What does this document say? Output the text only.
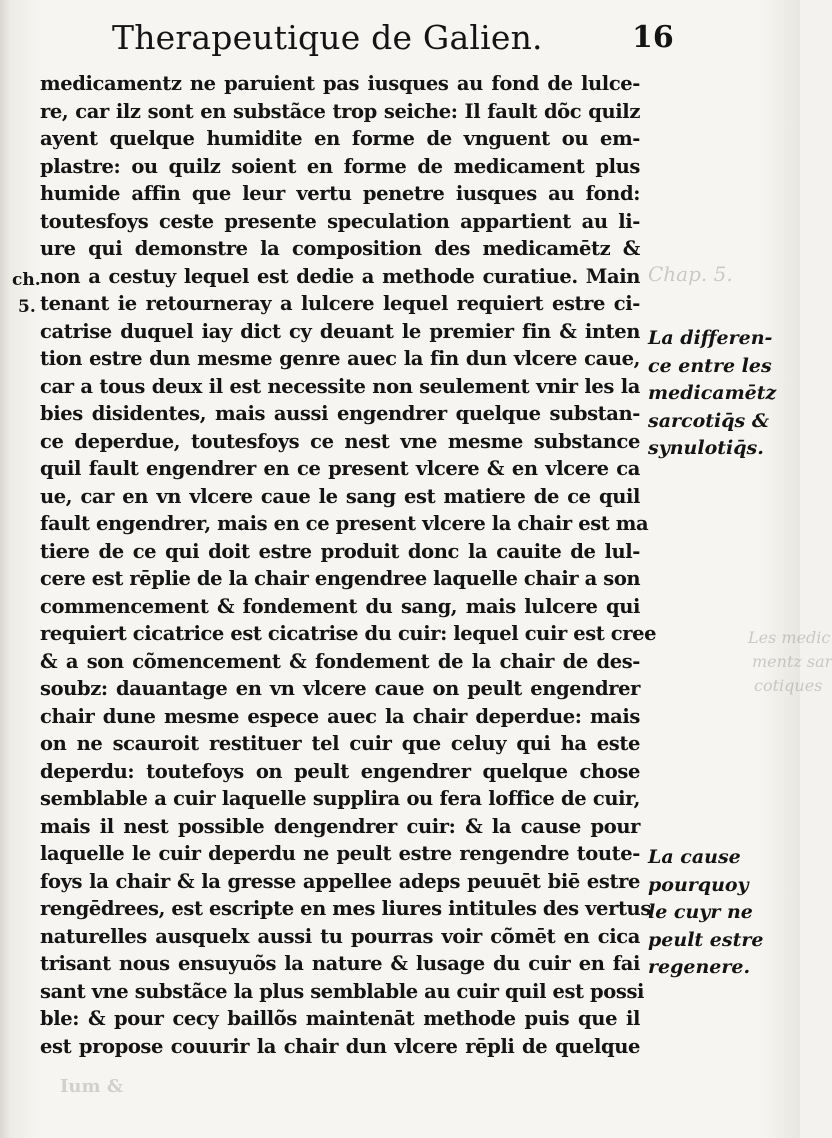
Therapeutique de Galien.	16
ch.
5.
medicamentz ne paruient pas iusques au fond de lulce-
re, car ilz sont en substãce trop seiche: Il fault dõc quilz
ayent quelque humidite en forme de vnguent ou em-
plastre: ou quilz soient en forme de medicament plus
humide affin que leur vertu penetre iusques au fond:
toutesfoys ceste presente speculation appartient au li-
ure qui demonstre la composition des medicamētz &
non a cestuy lequel est dedie a methode curatiue. Main
tenant ie retourneray a lulcere lequel requiert estre ci-
catrise duquel iay dict cy deuant le premier fin & inten
tion estre dun mesme genre auec la fin dun vlcere caue,
car a tous deux il est necessite non seulement vnir les la
bies disidentes, mais aussi engendrer quelque substan-
ce deperdue, toutesfoys ce nest vne mesme substance
quil fault engendrer en ce present vlcere & en vlcere ca
ue, car en vn vlcere caue le sang est matiere de ce quil
fault engendrer, mais en ce present vlcere la chair est ma
tiere de ce qui doit estre produit donc la cauite de lul-
cere est rēplie de la chair engendree laquelle chair a son
commencement & fondement du sang, mais lulcere qui
requiert cicatrice est cicatrise du cuir: lequel cuir est cree
& a son cõmencement & fondement de la chair de des-
soubz: dauantage en vn vlcere caue on peult engendrer
chair dune mesme espece auec la chair deperdue: mais
on ne scauroit restituer tel cuir que celuy qui ha este
deperdu: toutefoys on peult engendrer quelque chose
semblable a cuir laquelle supplira ou fera loffice de cuir,
mais il nest possible dengendrer cuir: & la cause pour
laquelle le cuir deperdu ne peult estre rengendre toute-
foys la chair & la gresse appellee adeps peuuēt biē estre
rengēdrees, est escripte en mes liures intitules des vertus
naturelles ausquelx aussi tu pourras voir cõmēt en cica
trisant nous ensuyuõs la nature & lusage du cuir en fai
sant vne substãce la plus semblable au cuir quil est possi
ble: & pour cecy baillõs maintenāt methode puis que il
est propose couurir la chair dun vlcere rēpli de quelque
La differen-
ce entre les
medicamētz
sarcotiq̄s &
synulotiq̄s.
La cause
pourquoy
le cuyr ne
peult estre
regenere.
Chap. 5.
Les medic
mentz sar
cotiques
Ium &
